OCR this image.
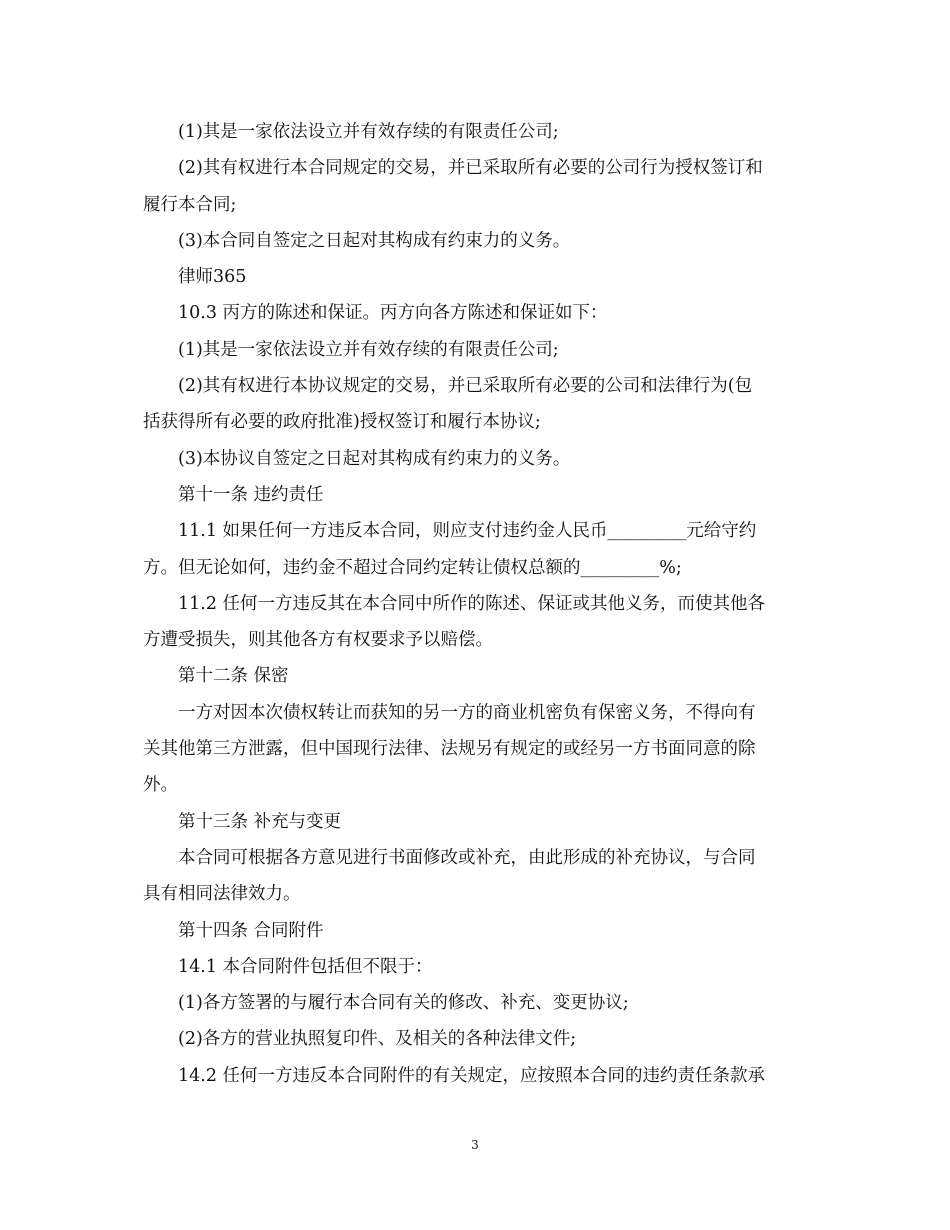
(1)其是一家依法设立并有效存续的有限责任公司;

(2)其有权进行本合同规定的交易，并已采取所有必要的公司行为授权签订和

履行本合同;

(3)本合同自签定之日起对其构成有约束力的义务。

律师365

10.3 丙方的陈述和保证。丙方向各方陈述和保证如下：

(1)其是一家依法设立并有效存续的有限责任公司;

(2)其有权进行本协议规定的交易，并已采取所有必要的公司和法律行为(包

括获得所有必要的政府批准)授权签订和履行本协议;

(3)本协议自签定之日起对其构成有约束力的义务。

第十一条 违约责任

11.1 如果任何一方违反本合同，则应支付违约金人民币_________元给守约

方。但无论如何，违约金不超过合同约定转让债权总额的_________%;

11.2 任何一方违反其在本合同中所作的陈述、保证或其他义务，而使其他各

方遭受损失，则其他各方有权要求予以赔偿。

第十二条 保密

一方对因本次债权转让而获知的另一方的商业机密负有保密义务，不得向有

关其他第三方泄露，但中国现行法律、法规另有规定的或经另一方书面同意的除

外。

第十三条 补充与变更

本合同可根据各方意见进行书面修改或补充，由此形成的补充协议，与合同

具有相同法律效力。

第十四条 合同附件

14.1 本合同附件包括但不限于：

(1)各方签署的与履行本合同有关的修改、补充、变更协议;

(2)各方的营业执照复印件、及相关的各种法律文件;

14.2 任何一方违反本合同附件的有关规定，应按照本合同的违约责任条款承

3
